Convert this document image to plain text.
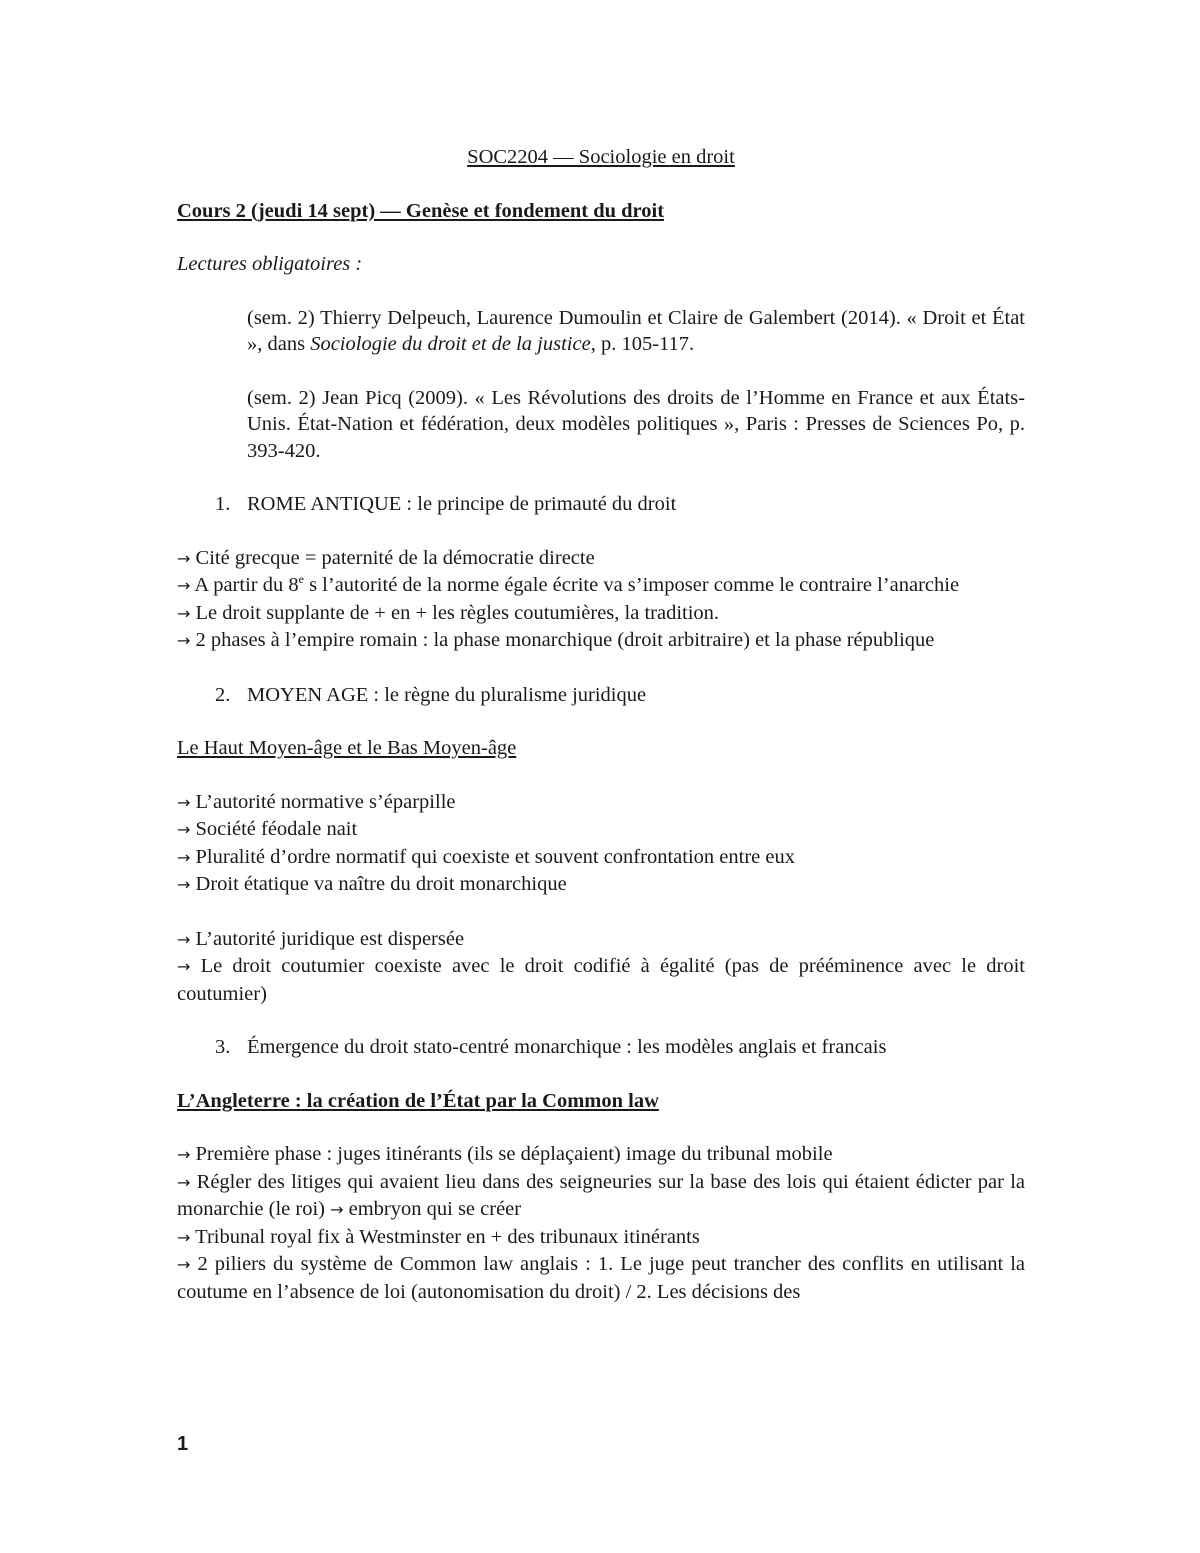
SOC2204 — Sociologie en droit

Cours 2 (jeudi 14 sept) — Genèse et fondement du droit

Lectures obligatoires :

(sem. 2) Thierry Delpeuch, Laurence Dumoulin et Claire de Galembert (2014). « Droit et État », dans Sociologie du droit et de la justice, p. 105-117.

(sem. 2) Jean Picq (2009). « Les Révolutions des droits de l’Homme en France et aux États-Unis. État-Nation et fédération, deux modèles politiques », Paris : Presses de Sciences Po, p. 393-420.

1. ROME ANTIQUE : le principe de primauté du droit

→ Cité grecque = paternité de la démocratie directe

→ A partir du 8e s l’autorité de la norme égale écrite va s’imposer comme le contraire l’anarchie

→ Le droit supplante de + en + les règles coutumières, la tradition.

→ 2 phases à l’empire romain : la phase monarchique (droit arbitraire) et la phase république

2. MOYEN AGE : le règne du pluralisme juridique

Le Haut Moyen-âge et le Bas Moyen-âge

→ L’autorité normative s’éparpille

→ Société féodale nait

→ Pluralité d’ordre normatif qui coexiste et souvent confrontation entre eux

→ Droit étatique va naître du droit monarchique

→ L’autorité juridique est dispersée

→ Le droit coutumier coexiste avec le droit codifié à égalité (pas de prééminence avec le droit coutumier)

3. Émergence du droit stato-centré monarchique : les modèles anglais et francais

L’Angleterre : la création de l’État par la Common law

→ Première phase : juges itinérants (ils se déplaçaient) image du tribunal mobile

→ Régler des litiges qui avaient lieu dans des seigneuries sur la base des lois qui étaient édicter par la monarchie (le roi) → embryon qui se créer

→ Tribunal royal fix à Westminster en + des tribunaux itinérants

→ 2 piliers du système de Common law anglais : 1. Le juge peut trancher des conflits en utilisant la coutume en l’absence de loi (autonomisation du droit) / 2. Les décisions des

1
